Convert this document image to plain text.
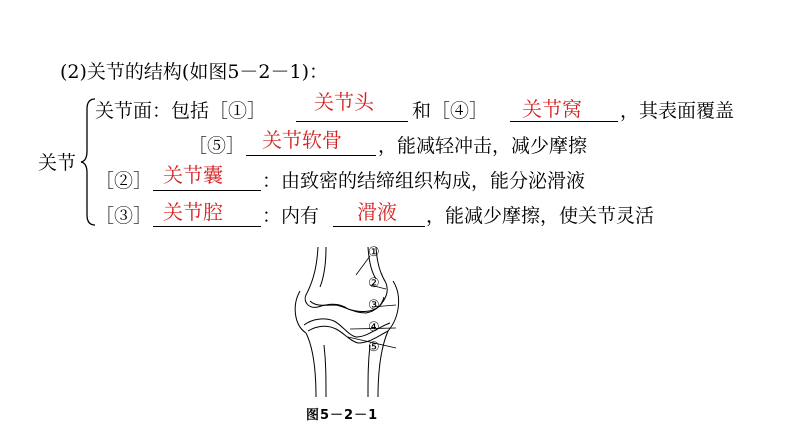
(2)关节的结构(如图5－2－1)：
关节
关节面：包括［①］ 关节头 和［④］ 关节窝 ，其表面覆盖
［⑤］ 关节软骨 ，能减轻冲击，减少摩擦
［②］ 关节囊 ：由致密的结缔组织构成，能分泌滑液
［③］ 关节腔 ：内有 滑液 ，能减少摩擦，使关节灵活
①
②
③
④
⑤
图5－2－1
